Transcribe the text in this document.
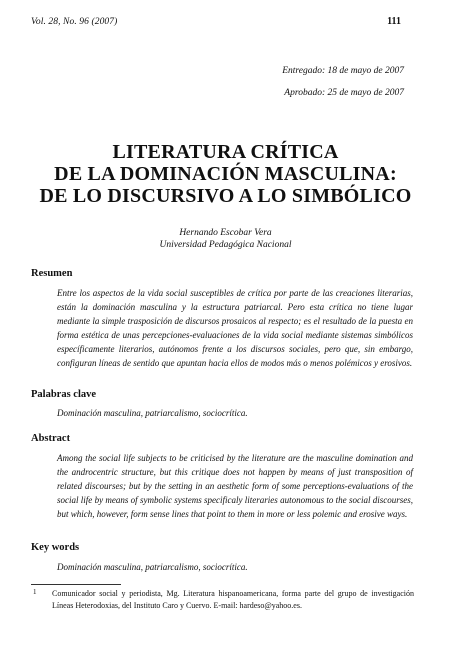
Vol. 28, No. 96 (2007)	111
Entregado: 18 de mayo de 2007
Aprobado: 25 de mayo de 2007
LITERATURA CRÍTICA
DE LA DOMINACIÓN MASCULINA:
DE LO DISCURSIVO A LO SIMBÓLICO
Hernando Escobar Vera
Universidad Pedagógica Nacional
Resumen
Entre los aspectos de la vida social susceptibles de crítica por parte de las creaciones literarias, están la dominación masculina y la estructura patriarcal. Pero esta crítica no tiene lugar mediante la simple trasposición de discursos prosaicos al respecto; es el resultado de la puesta en forma estética de unas percepciones-evaluaciones de la vida social mediante sistemas simbólicos específicamente literarios, autónomos frente a los discursos sociales, pero que, sin embargo, configuran líneas de sentido que apuntan hacia ellos de modos más o menos polémicos y erosivos.
Palabras clave
Dominación masculina, patriarcalismo, sociocrítica.
Abstract
Among the social life subjects to be criticised by the literature are the masculine domination and the androcentric structure, but this critique does not happen by means of just transposition of related discourses; but by the setting in an aesthetic form of some perceptions-evaluations of the social life by means of symbolic systems specificaly literaries autonomous to the social discourses, but which, however, form sense lines that point to them in more or less polemic and erosive ways.
Key words
Dominación masculina, patriarcalismo, sociocrítica.
1 Comunicador social y periodista, Mg. Literatura hispanoamericana, forma parte del grupo de investigación Líneas Heterodoxias, del Instituto Caro y Cuervo. E-mail: hardeso@yahoo.es.
